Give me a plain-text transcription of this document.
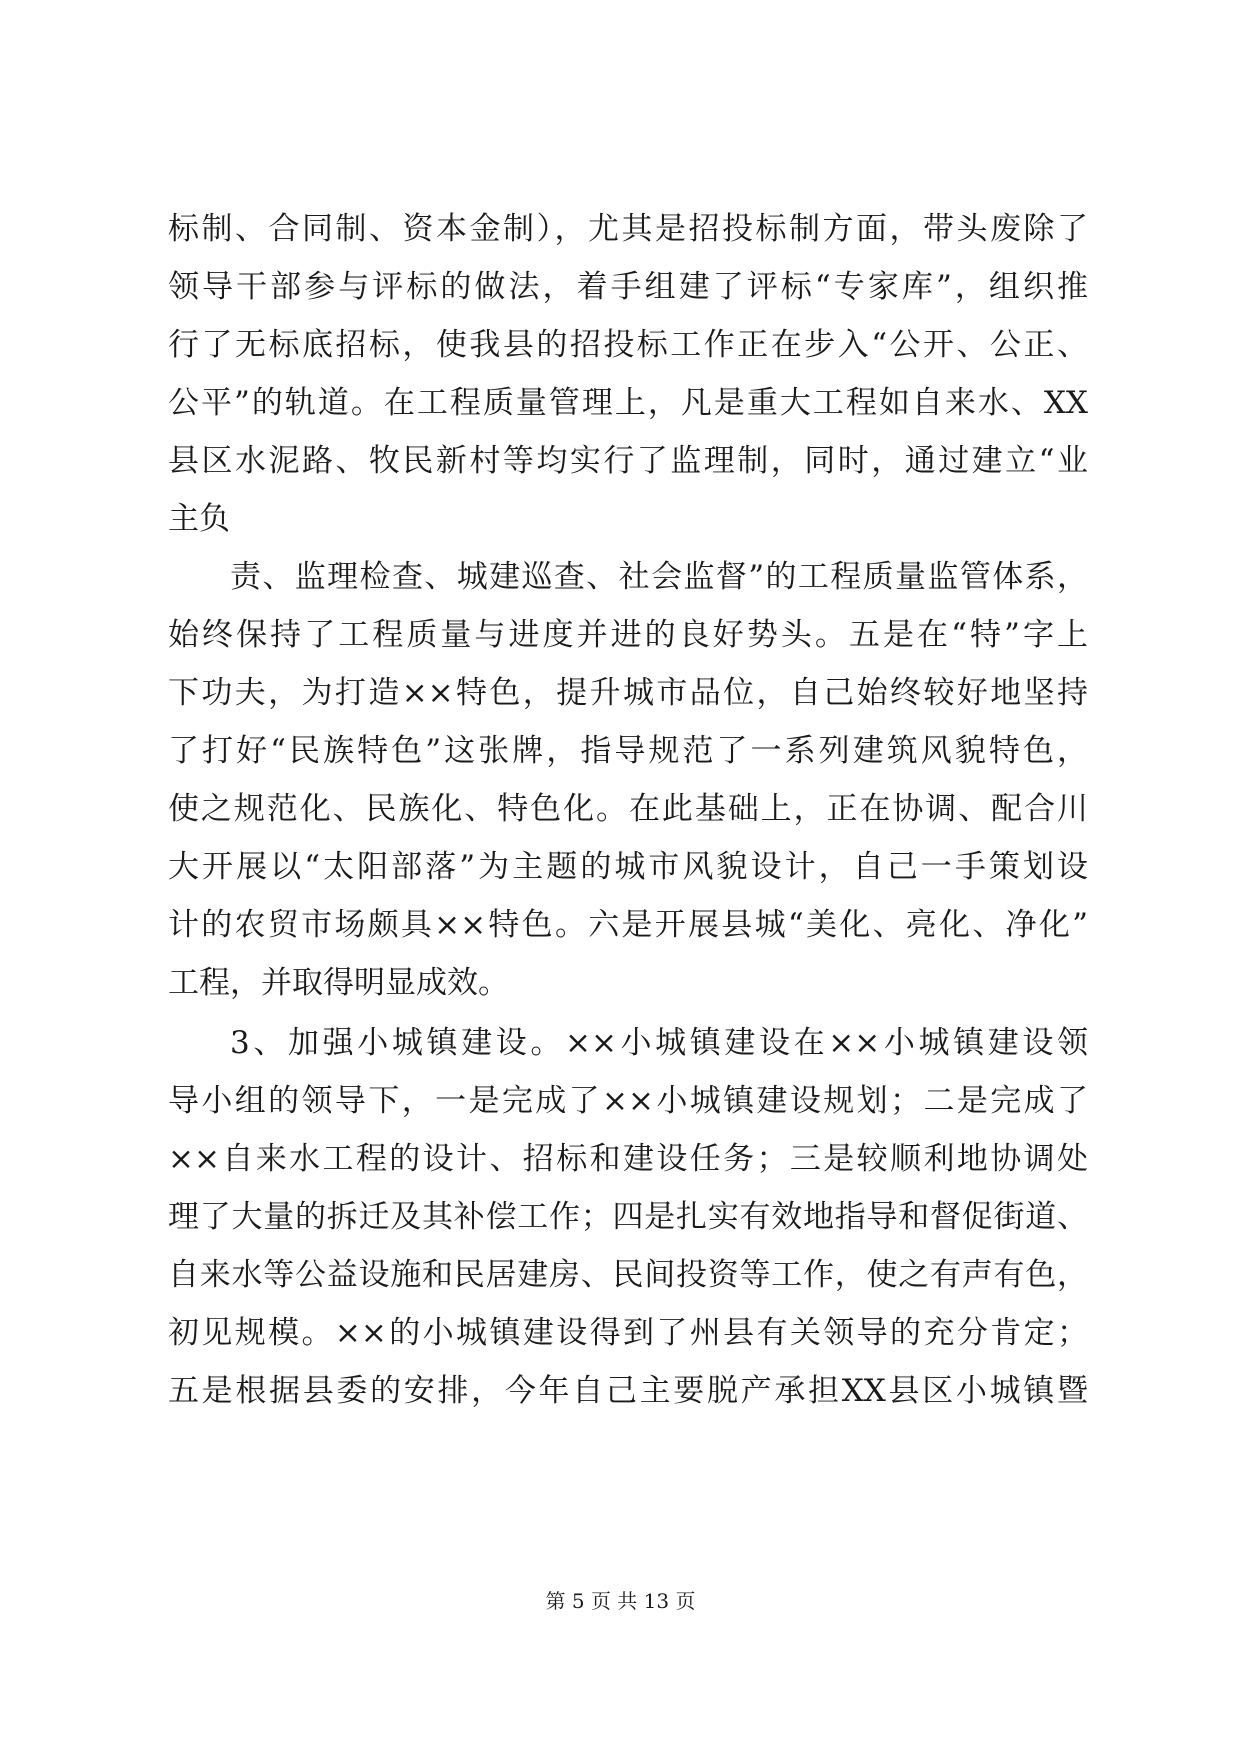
标制、合同制、资本金制），尤其是招投标制方面，带头废除了
领导干部参与评标的做法，着手组建了评标“专家库”，组织推
行了无标底招标，使我县的招投标工作正在步入“公开、公正、
公平”的轨道。在工程质量管理上，凡是重大工程如自来水、XX
县区水泥路、牧民新村等均实行了监理制，同时，通过建立“业
主负
责、监理检查、城建巡查、社会监督”的工程质量监管体系，
始终保持了工程质量与进度并进的良好势头。五是在“特”字上
下功夫，为打造××特色，提升城市品位，自己始终较好地坚持
了打好“民族特色”这张牌，指导规范了一系列建筑风貌特色，
使之规范化、民族化、特色化。在此基础上，正在协调、配合川
大开展以“太阳部落”为主题的城市风貌设计，自己一手策划设
计的农贸市场颇具××特色。六是开展县城“美化、亮化、净化”
工程，并取得明显成效。
3、加强小城镇建设。××小城镇建设在××小城镇建设领
导小组的领导下，一是完成了××小城镇建设规划；二是完成了
××自来水工程的设计、招标和建设任务；三是较顺利地协调处
理了大量的拆迁及其补偿工作；四是扎实有效地指导和督促街道、
自来水等公益设施和民居建房、民间投资等工作，使之有声有色，
初见规模。××的小城镇建设得到了州县有关领导的充分肯定；
五是根据县委的安排，今年自己主要脱产承担XX县区小城镇暨
第 5 页 共 13 页
